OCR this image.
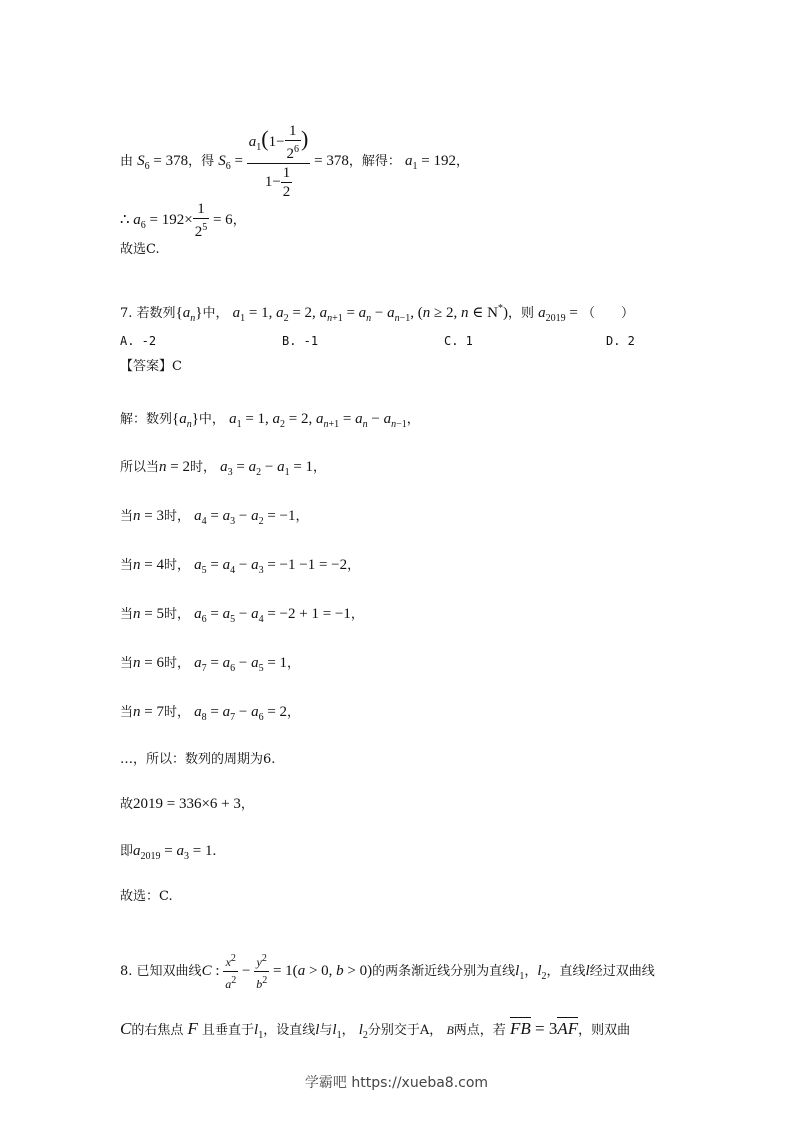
由 $S_6 = 378$，得 $S_6 = \frac{a_1(1- \frac{1}{2^6} )}{1- \frac{1}{2}} = 378$，解得： $a_1 = 192$，
∴ $a_6 = 192\times \frac{1}{2^5} = 6$，
故选C.
7. 若数列$\{a_n\}$中， $a_1 = 1$, $a_2 = 2$, $a_{n+1} = a_n - a_{n-1}$, (n ≥ 2, n ∈ N*)，则 $a_{2019}$ = （　　）
A. -2	B. -1	C. 1	D. 2
【答案】C
解：数列$\{a_n\}$中， $a_1 = 1$, $a_2 = 2$, $a_{n+1} = a_n - a_{n-1}$，
所以当n = 2时， $a_3 = a_2 - a_1 = 1$，
当n = 3时， $a_4 = a_3 - a_2 = -1$，
当n = 4时， $a_5 = a_4 - a_3 = -1 -1 = -2$，
当n = 5时， $a_6 = a_5 - a_4 = -2 + 1 = -1$，
当n = 6时， $a_7 = a_6 - a_5 = 1$，
当n = 7时， $a_8 = a_7 - a_6 = 2$，
…，所以：数列的周期为6.
故2019 = 336×6 + 3，
即$a_{2019} = a_3 = 1$.
故选：C.
8. 已知双曲线C : $\frac{x^2}{a^2} - \frac{y^2}{b^2} = 1(a > 0$, b > 0)的两条渐近线分别为直线$l_1$，$l_2$，直线l经过双曲线
C的右焦点 F 且垂直于$l_1$，设直线l与$l_1$， $l_2$分别交于A， B两点，若 FB = 3AF，则双曲
学霸吧 https://xueba8.com
